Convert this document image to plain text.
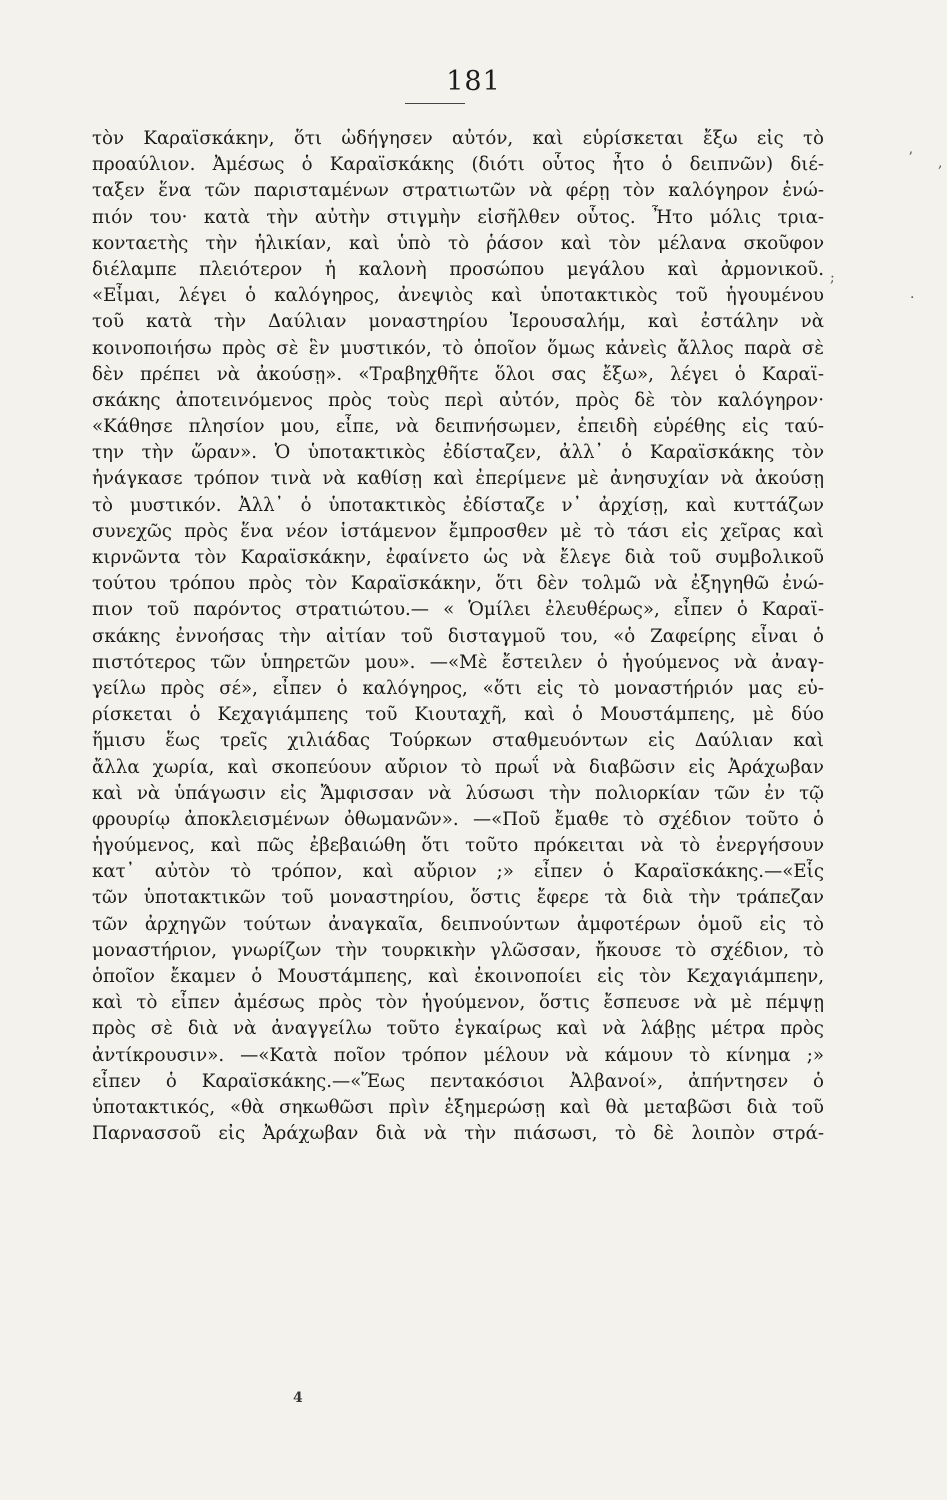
181
τὸν Καραϊσκάκην, ὅτι ὡδήγησεν αὐτόν, καὶ εὑρίσκεται ἔξω εἰς τὸ
προαύλιον. Ἀμέσως ὁ Καραϊσκάκης (διότι οὗτος ἦτο ὁ δειπνῶν) διέ-
ταξεν ἕνα τῶν παρισταμένων στρατιωτῶν νὰ φέρῃ τὸν καλόγηρον ἐνώ-
πιόν του· κατὰ τὴν αὐτὴν στιγμὴν εἰσῆλθεν οὗτος. Ἦτο μόλις τρια-
κονταετὴς τὴν ἡλικίαν, καὶ ὑπὸ τὸ ῥάσον καὶ τὸν μέλανα σκοῦφον
διέλαμπε πλειότερον ἡ καλονὴ προσώπου μεγάλου καὶ ἀρμονικοῦ.
«Εἶμαι, λέγει ὁ καλόγηρος, ἀνεψιὸς καὶ ὑποτακτικὸς τοῦ ἡγουμένου
τοῦ κατὰ τὴν Δαύλιαν μοναστηρίου Ἱερουσαλήμ, καὶ ἐστάλην νὰ
κοινοποιήσω πρὸς σὲ ἓν μυστικόν, τὸ ὁποῖον ὅμως κἀνεὶς ἄλλος παρὰ σὲ
δὲν πρέπει νὰ ἀκούσῃ». «Τραβηχθῆτε ὅλοι σας ἔξω», λέγει ὁ Καραϊ-
σκάκης ἀποτεινόμενος πρὸς τοὺς περὶ αὐτόν, πρὸς δὲ τὸν καλόγηρον·
«Κάθησε πλησίον μου, εἶπε, νὰ δειπνήσωμεν, ἐπειδὴ εὑρέθης εἰς ταύ-
την τὴν ὥραν». Ὁ ὑποτακτικὸς ἐδίσταζεν, ἀλλ᾽ ὁ Καραϊσκάκης τὸν
ἠνάγκασε τρόπον τινὰ νὰ καθίσῃ καὶ ἐπερίμενε μὲ ἀνησυχίαν νὰ ἀκούσῃ
τὸ μυστικόν. Ἀλλ᾽ ὁ ὑποτακτικὸς ἐδίσταζε ν᾽ ἀρχίσῃ, καὶ κυττάζων
συνεχῶς πρὸς ἕνα νέον ἱστάμενον ἔμπροσθεν μὲ τὸ τάσι εἰς χεῖρας καὶ
κιρνῶντα τὸν Καραϊσκάκην, ἐφαίνετο ὡς νὰ ἔλεγε διὰ τοῦ συμβολικοῦ
τούτου τρόπου πρὸς τὸν Καραϊσκάκην, ὅτι δὲν τολμῶ νὰ ἐξηγηθῶ ἐνώ-
πιον τοῦ παρόντος στρατιώτου.— « Ὁμίλει ἐλευθέρως», εἶπεν ὁ Καραϊ-
σκάκης ἐννοήσας τὴν αἰτίαν τοῦ δισταγμοῦ του, «ὁ Ζαφείρης εἶναι ὁ
πιστότερος τῶν ὑπηρετῶν μου». —«Μὲ ἔστειλεν ὁ ἡγούμενος νὰ ἀναγ-
γείλω πρὸς σέ», εἶπεν ὁ καλόγηρος, «ὅτι εἰς τὸ μοναστήριόν μας εὑ-
ρίσκεται ὁ Κεχαγιάμπεης τοῦ Κιουταχῆ, καὶ ὁ Μουστάμπεης, μὲ δύο
ἥμισυ ἕως τρεῖς χιλιάδας Τούρκων σταθμευόντων εἰς Δαύλιαν καὶ
ἄλλα χωρία, καὶ σκοπεύουν αὔριον τὸ πρωΐ νὰ διαβῶσιν εἰς Ἀράχωβαν
καὶ νὰ ὑπάγωσιν εἰς Ἄμφισσαν νὰ λύσωσι τὴν πολιορκίαν τῶν ἐν τῷ
φρουρίῳ ἀποκλεισμένων ὀθωμανῶν». —«Ποῦ ἔμαθε τὸ σχέδιον τοῦτο ὁ
ἡγούμενος, καὶ πῶς ἐβεβαιώθη ὅτι τοῦτο πρόκειται νὰ τὸ ἐνεργήσουν
κατ᾽ αὐτὸν τὸ τρόπον, καὶ αὔριον ;» εἶπεν ὁ Καραϊσκάκης.—«Εἷς
τῶν ὑποτακτικῶν τοῦ μοναστηρίου, ὅστις ἔφερε τὰ διὰ τὴν τράπεζαν
τῶν ἀρχηγῶν τούτων ἀναγκαῖα, δειπνούντων ἀμφοτέρων ὁμοῦ εἰς τὸ
μοναστήριον, γνωρίζων τὴν τουρκικὴν γλῶσσαν, ἤκουσε τὸ σχέδιον, τὸ
ὁποῖον ἔκαμεν ὁ Μουστάμπεης, καὶ ἐκοινοποίει εἰς τὸν Κεχαγιάμπεην,
καὶ τὸ εἶπεν ἀμέσως πρὸς τὸν ἡγούμενον, ὅστις ἔσπευσε νὰ μὲ πέμψῃ
πρὸς σὲ διὰ νὰ ἀναγγείλω τοῦτο ἐγκαίρως καὶ νὰ λάβῃς μέτρα πρὸς
ἀντίκρουσιν». —«Κατὰ ποῖον τρόπον μέλουν νὰ κάμουν τὸ κίνημα ;»
εἶπεν ὁ Καραϊσκάκης.—«Ἕως πεντακόσιοι Ἀλβανοί», ἀπήντησεν ὁ
ὑποτακτικός, «θὰ σηκωθῶσι πρὶν ἐξημερώσῃ καὶ θὰ μεταβῶσι διὰ τοῦ
Παρνασσοῦ εἰς Ἀράχωβαν διὰ νὰ τὴν πιάσωσι, τὸ δὲ λοιπὸν στρά-
ʼ ,
;
·
4
